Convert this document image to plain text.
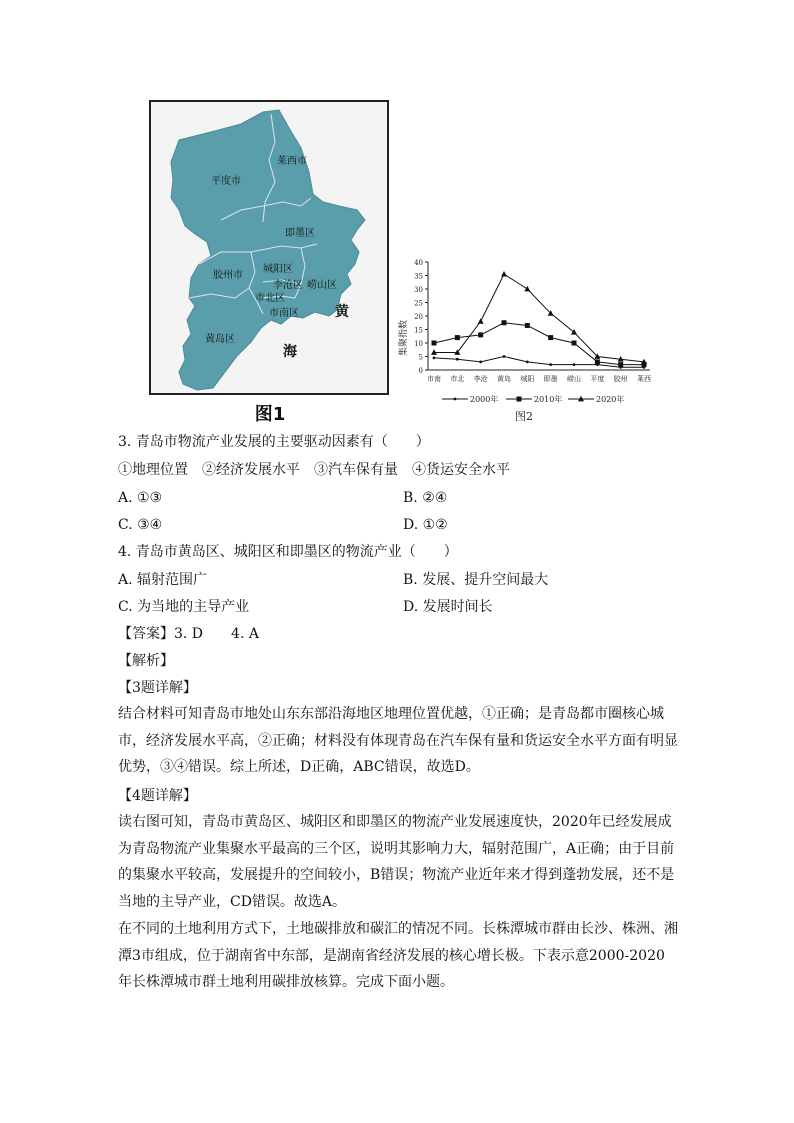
平度市
莱西市
即墨区
胶州市
城阳区
李沧区 崂山区
市北区
市南区
黄岛区
黄
海
图1
集聚指数
图2
0
5
10
15
20
25
30
35
40
市南 市北 李沧 黄岛 城阳 即墨 崂山 平度 胶州 莱西
2000年	2010年	2020年
3. 青岛市物流产业发展的主要驱动因素有（　　）
①地理位置　②经济发展水平　③汽车保有量　④货运安全水平
A. ①③	B. ②④
C. ③④	D. ①②
4. 青岛市黄岛区、城阳区和即墨区的物流产业（　　）
A. 辐射范围广	B. 发展、提升空间最大
C. 为当地的主导产业	D. 发展时间长
【答案】3. D　　4. A
【解析】
【3题详解】
结合材料可知青岛市地处山东东部沿海地区地理位置优越，①正确；是青岛都市圈核心城市，经济发展水平高，②正确；材料没有体现青岛在汽车保有量和货运安全水平方面有明显优势，③④错误。综上所述，D正确，ABC错误，故选D。
【4题详解】
读右图可知，青岛市黄岛区、城阳区和即墨区的物流产业发展速度快，2020年已经发展成为青岛物流产业集聚水平最高的三个区，说明其影响力大，辐射范围广，A正确；由于目前的集聚水平较高，发展提升的空间较小，B错误；物流产业近年来才得到蓬勃发展，还不是当地的主导产业，CD错误。故选A。
在不同的土地利用方式下，土地碳排放和碳汇的情况不同。长株潭城市群由长沙、株洲、湘潭3市组成，位于湖南省中东部，是湖南省经济发展的核心增长极。下表示意2000-2020年长株潭城市群土地利用碳排放核算。完成下面小题。
